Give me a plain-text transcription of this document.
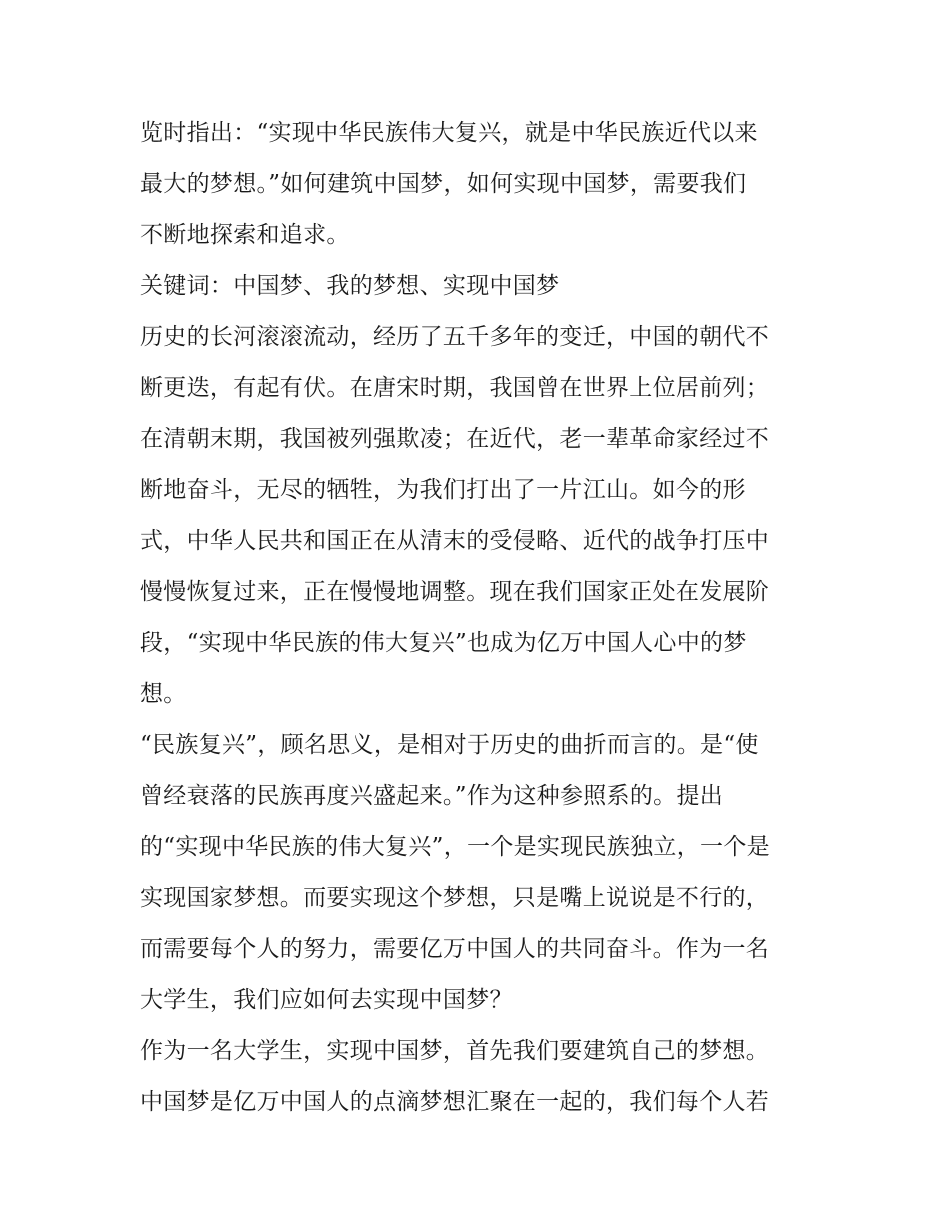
览时指出：“实现中华民族伟大复兴，就是中华民族近代以来
最大的梦想。”如何建筑中国梦，如何实现中国梦，需要我们
不断地探索和追求。
关键词：中国梦、我的梦想、实现中国梦
历史的长河滚滚流动，经历了五千多年的变迁，中国的朝代不
断更迭，有起有伏。在唐宋时期，我国曾在世界上位居前列；
在清朝末期，我国被列强欺凌；在近代，老一辈革命家经过不
断地奋斗，无尽的牺牲，为我们打出了一片江山。如今的形
式，中华人民共和国正在从清末的受侵略、近代的战争打压中
慢慢恢复过来，正在慢慢地调整。现在我们国家正处在发展阶
段，“实现中华民族的伟大复兴”也成为亿万中国人心中的梦
想。
“民族复兴”，顾名思义，是相对于历史的曲折而言的。是“使
曾经衰落的民族再度兴盛起来。”作为这种参照系的。提出
的“实现中华民族的伟大复兴”，一个是实现民族独立，一个是
实现国家梦想。而要实现这个梦想，只是嘴上说说是不行的，
而需要每个人的努力，需要亿万中国人的共同奋斗。作为一名
大学生，我们应如何去实现中国梦？
作为一名大学生，实现中国梦，首先我们要建筑自己的梦想。
中国梦是亿万中国人的点滴梦想汇聚在一起的，我们每个人若
